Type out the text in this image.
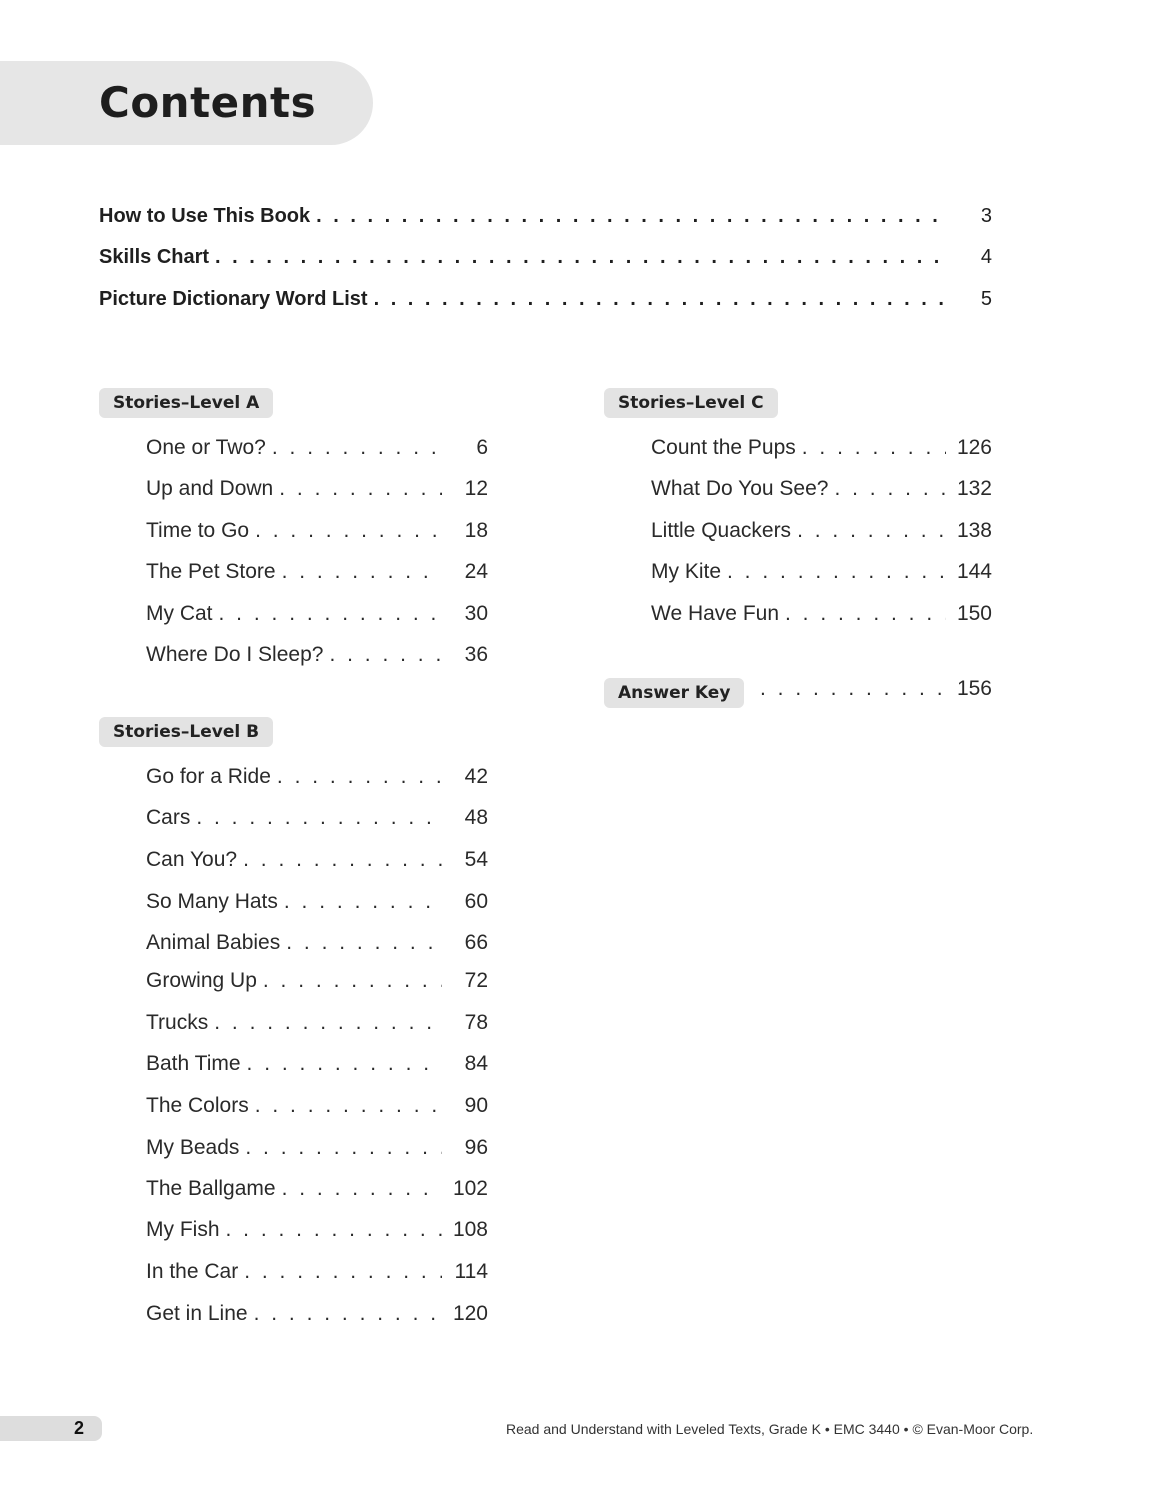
Contents
How to Use This Book . . .	3
Skills Chart . . .	4
Picture Dictionary Word List . . .	5
Stories–Level A
One or Two? . . .	6
Up and Down . . .	12
Time to Go . . .	18
The Pet Store . . .	24
My Cat . . .	30
Where Do I Sleep? . . .	36
Stories–Level B
Go for a Ride . . .	42
Cars . . .	48
Can You? . . .	54
So Many Hats . . .	60
Animal Babies . . .	66
Growing Up . . .	72
Trucks . . .	78
Bath Time . . .	84
The Colors . . .	90
My Beads . . .	96
The Ballgame . . .	102
My Fish . . .	108
In the Car . . .	114
Get in Line . . .	120
Stories–Level C
Count the Pups . . .	126
What Do You See? . . .	132
Little Quackers . . .	138
My Kite . . .	144
We Have Fun . . .	150
Answer Key . . .	156
2	Read and Understand with Leveled Texts, Grade K • EMC 3440 • © Evan-Moor Corp.
